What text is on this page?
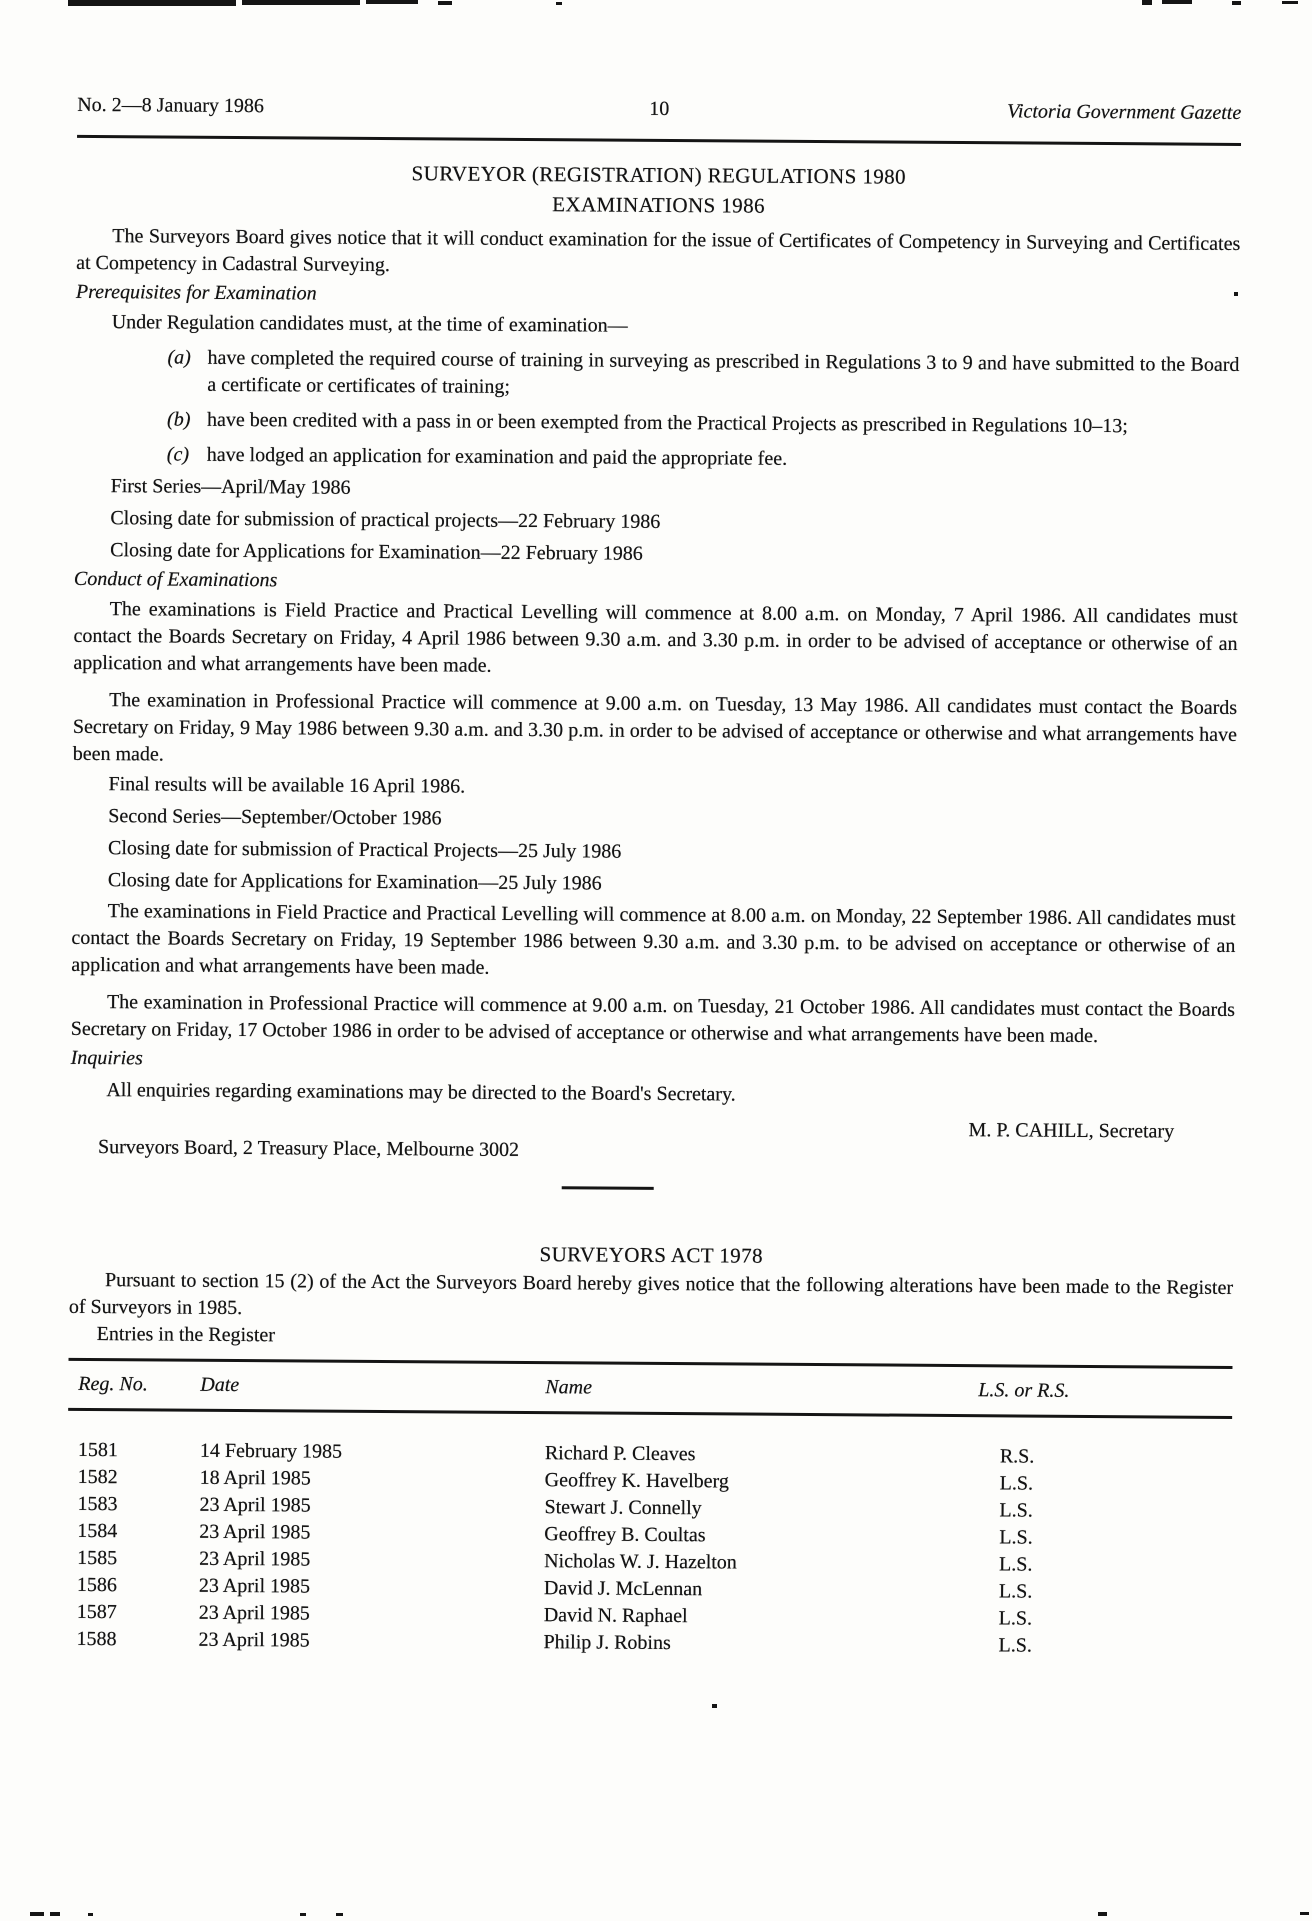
No. 2—8 January 1986	10	Victoria Government Gazette
SURVEYOR (REGISTRATION) REGULATIONS 1980
EXAMINATIONS 1986

The Surveyors Board gives notice that it will conduct examination for the issue of Certificates of Competency in Surveying and Certificates at Competency in Cadastral Surveying.

Prerequisites for Examination

Under Regulation candidates must, at the time of examination—

(a) have completed the required course of training in surveying as prescribed in Regulations 3 to 9 and have submitted to the Board a certificate or certificates of training;
(b) have been credited with a pass in or been exempted from the Practical Projects as prescribed in Regulations 10–13;
(c) have lodged an application for examination and paid the appropriate fee.
First Series—April/May 1986
Closing date for submission of practical projects—22 February 1986
Closing date for Applications for Examination—22 February 1986
Conduct of Examinations

The examinations is Field Practice and Practical Levelling will commence at 8.00 a.m. on Monday, 7 April 1986. All candidates must contact the Boards Secretary on Friday, 4 April 1986 between 9.30 a.m. and 3.30 p.m. in order to be advised of acceptance or otherwise of an application and what arrangements have been made.

The examination in Professional Practice will commence at 9.00 a.m. on Tuesday, 13 May 1986. All candidates must contact the Boards Secretary on Friday, 9 May 1986 between 9.30 a.m. and 3.30 p.m. in order to be advised of acceptance or otherwise and what arrangements have been made.

Final results will be available 16 April 1986.
Second Series—September/October 1986
Closing date for submission of Practical Projects—25 July 1986
Closing date for Applications for Examination—25 July 1986

The examinations in Field Practice and Practical Levelling will commence at 8.00 a.m. on Monday, 22 September 1986. All candidates must contact the Boards Secretary on Friday, 19 September 1986 between 9.30 a.m. and 3.30 p.m. to be advised on acceptance or otherwise of an application and what arrangements have been made.

The examination in Professional Practice will commence at 9.00 a.m. on Tuesday, 21 October 1986. All candidates must contact the Boards Secretary on Friday, 17 October 1986 in order to be advised of acceptance or otherwise and what arrangements have been made.

Inquiries
All enquiries regarding examinations may be directed to the Board's Secretary.
M. P. CAHILL, Secretary
Surveyors Board, 2 Treasury Place, Melbourne 3002
SURVEYORS ACT 1978

Pursuant to section 15 (2) of the Act the Surveyors Board hereby gives notice that the following alterations have been made to the Register of Surveyors in 1985.

Entries in the Register
Reg. No.	Date	Name	L.S. or R.S.
1581	14 February 1985	Richard P. Cleaves	R.S.
1582	18 April 1985	Geoffrey K. Havelberg	L.S.
1583	23 April 1985	Stewart J. Connelly	L.S.
1584	23 April 1985	Geoffrey B. Coultas	L.S.
1585	23 April 1985	Nicholas W. J. Hazelton	L.S.
1586	23 April 1985	David J. McLennan	L.S.
1587	23 April 1985	David N. Raphael	L.S.
1588	23 April 1985	Philip J. Robins	L.S.
